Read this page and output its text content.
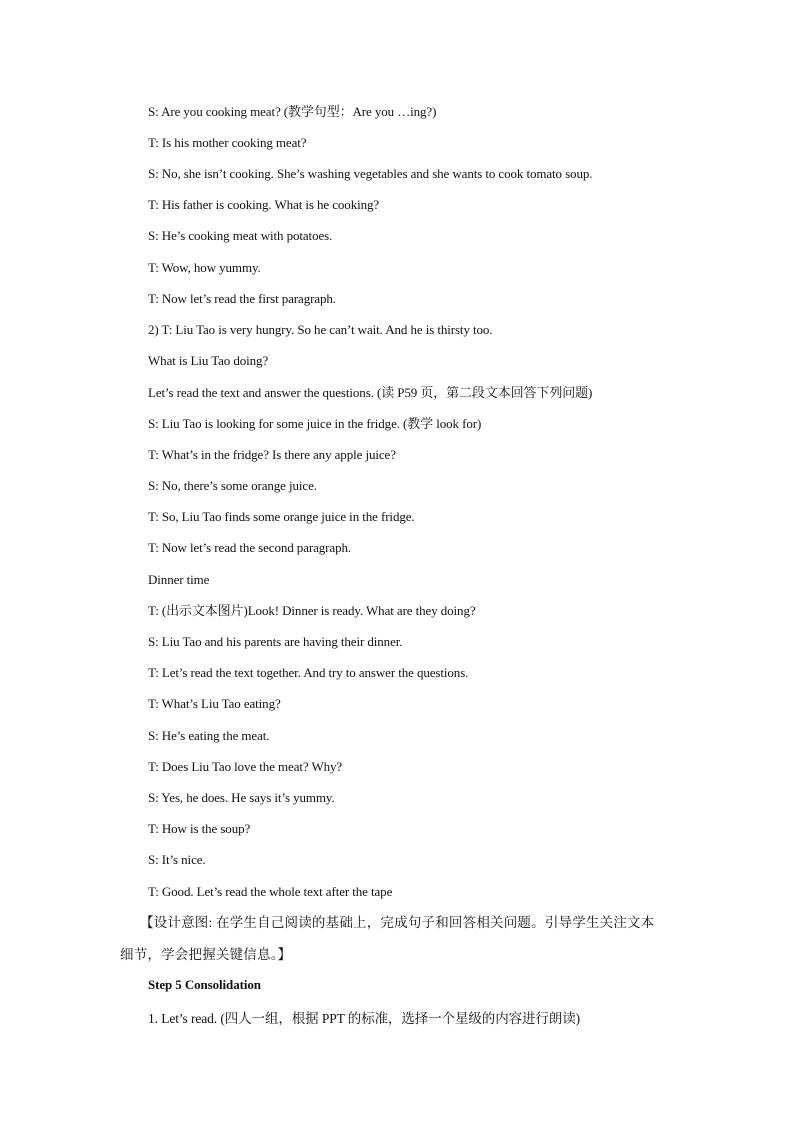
S: Are you cooking meat? (教学句型：Are you …ing?)
T: Is his mother cooking meat?
S: No, she isn’t cooking. She’s washing vegetables and she wants to cook tomato soup.
T: His father is cooking. What is he cooking?
S: He’s cooking meat with potatoes.
T: Wow, how yummy.
T: Now let’s read the first paragraph.
2) T: Liu Tao is very hungry. So he can’t wait. And he is thirsty too.
What is Liu Tao doing?
Let’s read the text and answer the questions. (读 P59 页，第二段文本回答下列问题)
S: Liu Tao is looking for some juice in the fridge. (教学 look for)
T: What’s in the fridge? Is there any apple juice?
S: No, there’s some orange juice.
T: So, Liu Tao finds some orange juice in the fridge.
T: Now let’s read the second paragraph.
Dinner time
T: (出示文本图片)Look! Dinner is ready. What are they doing?
S: Liu Tao and his parents are having their dinner.
T: Let’s read the text together. And try to answer the questions.
T: What’s Liu Tao eating?
S: He’s eating the meat.
T: Does Liu Tao love the meat? Why?
S: Yes, he does. He says it’s yummy.
T: How is the soup?
S: It’s nice.
T: Good. Let’s read the whole text after the tape
【设计意图: 在学生自己阅读的基础上，完成句子和回答相关问题。引导学生关注文本
细节，学会把握关键信息。】
Step 5 Consolidation
1. Let’s read. (四人一组，根据 PPT 的标准，选择一个星级的内容进行朗读)
